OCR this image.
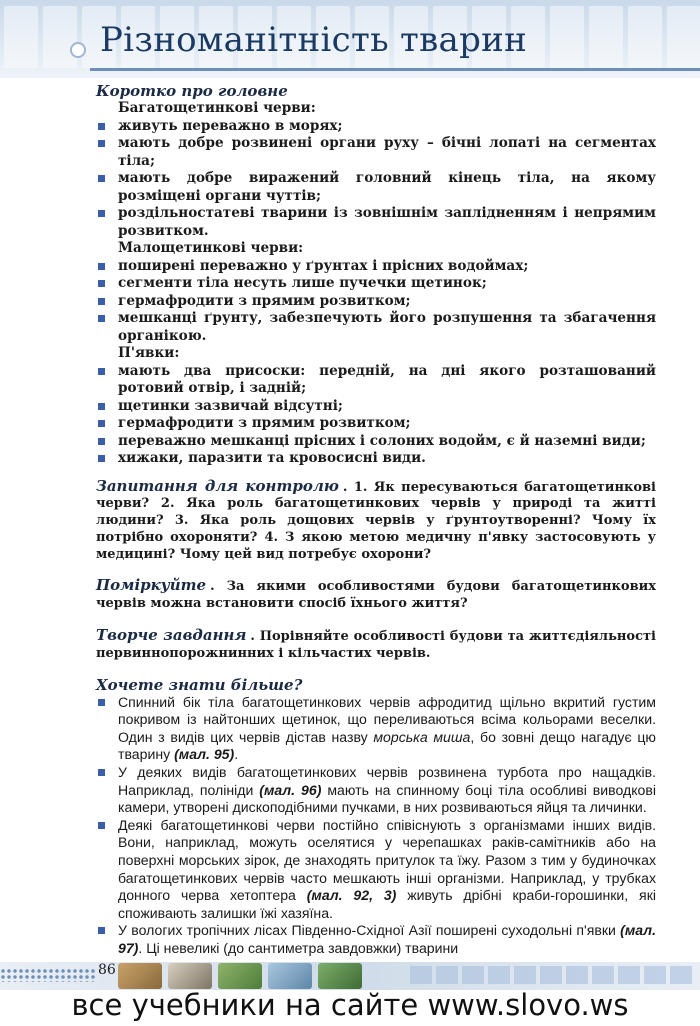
Різноманітність тварин
Коротко про головне

Багатощетинкові черви:

живуть переважно в морях;
мають добре розвинені органи руху – бічні лопаті на сегментах тіла;
мають добре виражений головний кінець тіла, на якому розміщені органи чуттів;
роздільностатеві тварини із зовнішнім заплідненням і непрямим розвитком.

Малощетинкові черви:

поширені переважно у ґрунтах і прісних водоймах;
сегменти тіла несуть лише пучечки щетинок;
гермафродити з прямим розвитком;
мешканці ґрунту, забезпечують його розпушення та збагачення органікою.

П'явки:

мають два присоски: передній, на дні якого розташований ротовий отвір, і задній;
щетинки зазвичай відсутні;
гермафродити з прямим розвитком;
переважно мешканці прісних і солоних водойм, є й наземні види;
хижаки, паразити та кровосисні види.

Запитання для контролю . 1. Як пересуваються багатощетинкові черви? 2. Яка роль багатощетинкових червів у природі та житті людини? 3. Яка роль дощових червів у ґрунтоутворенні? Чому їх потрібно охороняти? 4. З якою метою медичну п'явку застосовують у медицині? Чому цей вид потребує охорони?

Поміркуйте . За якими особливостями будови багатощетинкових червів можна встановити спосіб їхнього життя?

Творче завдання . Порівняйте особливості будови та життєдіяльності первиннопорожнинних і кільчастих червів.

Хочете знати більше?
Спинний бік тіла багатощетинкових червів афродитид щільно вкритий густим покривом із найтонших щетинок, що переливаються всіма кольорами веселки. Один з видів цих червів дістав назву морська миша, бо зовні дещо нагадує цю тварину (мал. 95).
У деяких видів багатощетинкових червів розвинена турбота про нащадків. Наприклад, полініди (мал. 96) мають на спинному боці тіла особливі виводкові камери, утворені дископодібними пучками, в них розвиваються яйця та личинки.
Деякі багатощетинкові черви постійно співіснують з організмами інших видів. Вони, наприклад, можуть оселятися у черепашках раків-самітників або на поверхні морських зірок, де знаходять притулок та їжу. Разом з тим у будиночках багатощетинкових червів часто мешкають інші організми. Наприклад, у трубках донного черва хетоптера (мал. 92, 3) живуть дрібні краби-горошинки, які споживають залишки їжі хазяїна.
У вологих тропічних лісах Південно-Східної Азії поширені суходольні п'явки (мал. 97). Ці невеликі (до сантиметра завдовжки) тварини
86
все учебники на сайте www.slovo.ws
